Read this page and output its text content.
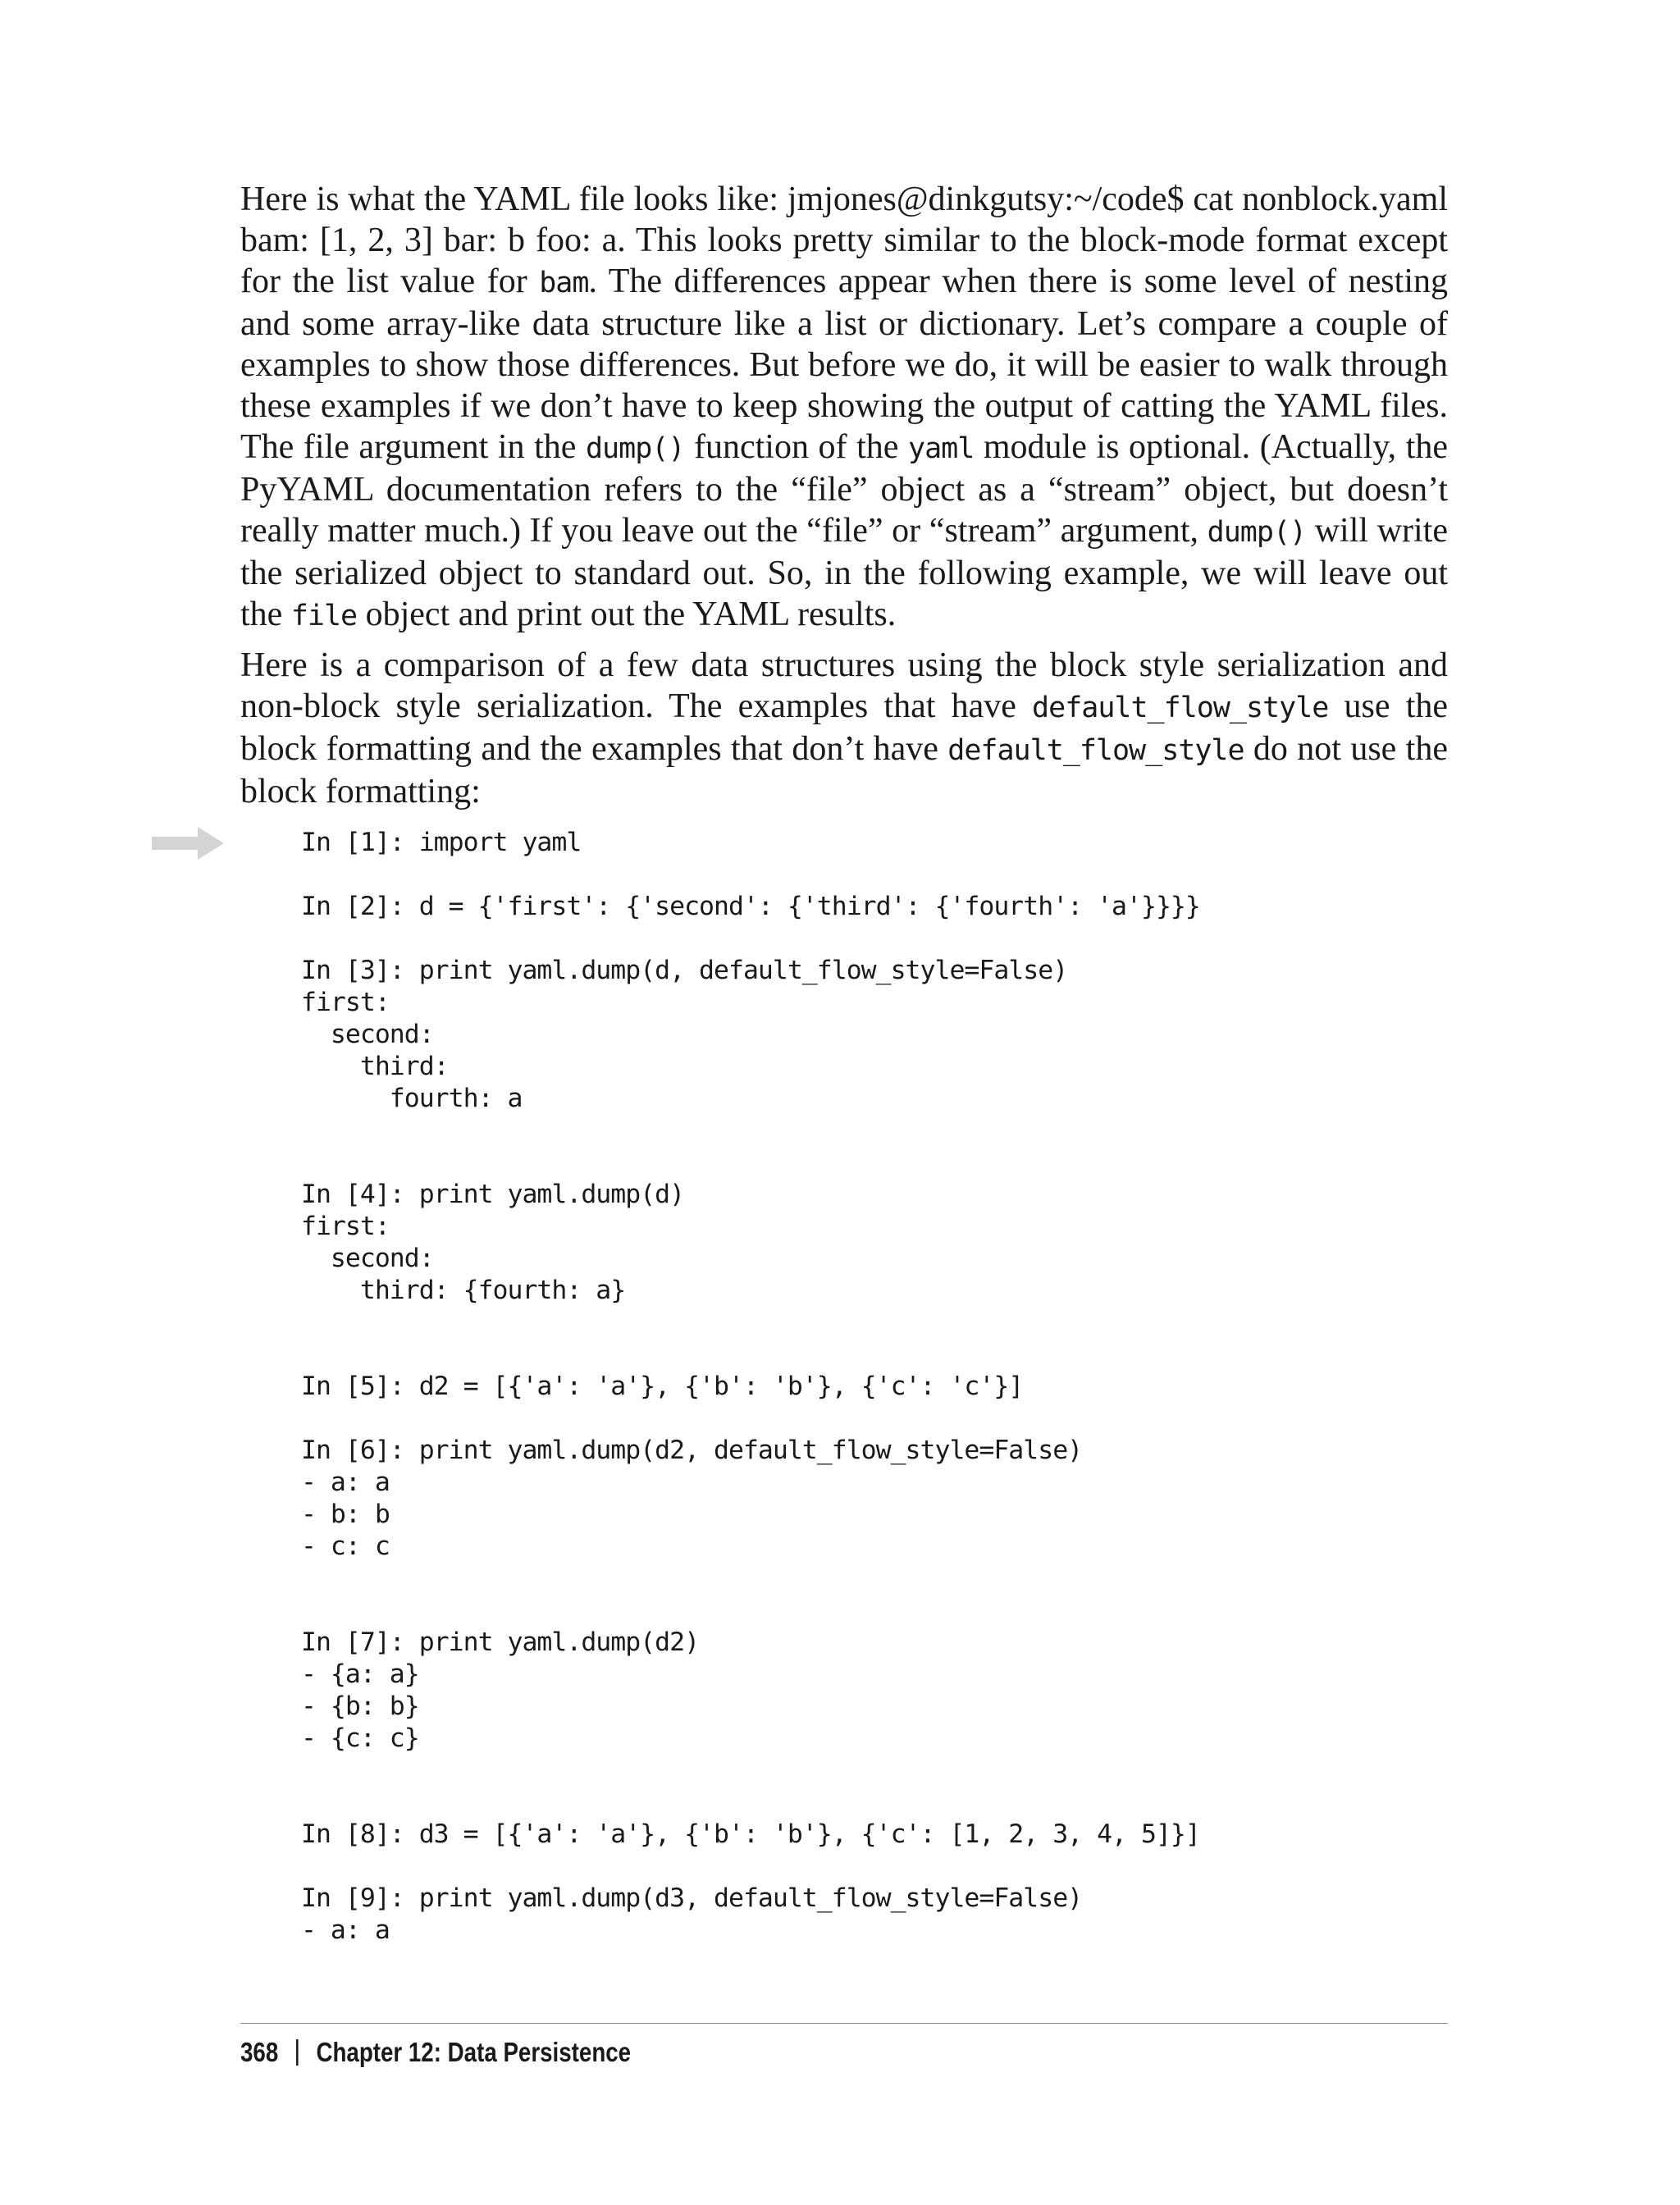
Here is what the YAML file looks like: jmjones@dinkgutsy:~/code$ cat nonblock.yaml bam: [1, 2, 3] bar: b foo: a. This looks pretty similar to the block-mode format except for the list value for bam. The differences appear when there is some level of nesting and some array-like data structure like a list or dictionary. Let’s compare a couple of examples to show those differences. But before we do, it will be easier to walk through these examples if we don’t have to keep showing the output of catting the YAML files. The file argument in the dump() function of the yaml module is optional. (Actually, the PyYAML documentation refers to the “file” object as a “stream” object, but doesn’t really matter much.) If you leave out the “file” or “stream” argument, dump() will write the serialized object to standard out. So, in the following example, we will leave out the file object and print out the YAML results.

Here is a comparison of a few data structures using the block style serialization and non-block style serialization. The examples that have default_flow_style use the block formatting and the examples that don’t have default_flow_style do not use the block formatting:

In [1]: import yaml
In [2]: d = {'first': {'second': {'third': {'fourth': 'a'}}}}
In [3]: print yaml.dump(d, default_flow_style=False)
first:
second:
third:
fourth: a
In [4]: print yaml.dump(d)
first:
second:
third: {fourth: a}
In [5]: d2 = [{'a': 'a'}, {'b': 'b'}, {'c': 'c'}]
In [6]: print yaml.dump(d2, default_flow_style=False)
- a: a
- b: b
- c: c
In [7]: print yaml.dump(d2)
- {a: a}
- {b: b}
- {c: c}
In [8]: d3 = [{'a': 'a'}, {'b': 'b'}, {'c': [1, 2, 3, 4, 5]}]
In [9]: print yaml.dump(d3, default_flow_style=False)
- a: a
368 Chapter 12: Data Persistence
